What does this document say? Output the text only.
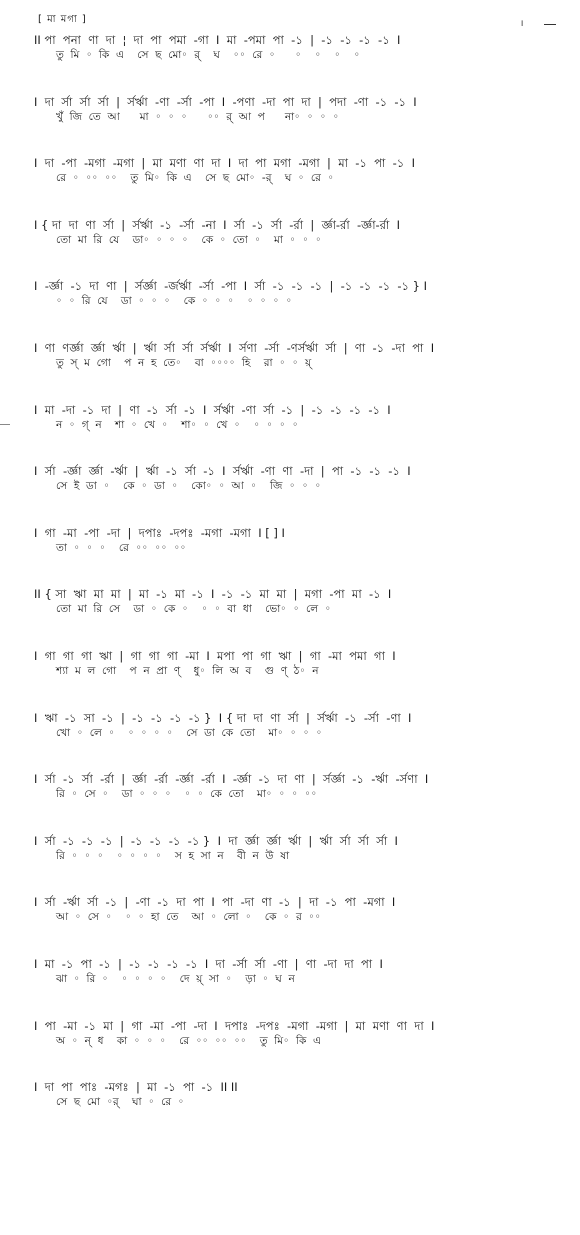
[ মা মগা ]	।
II পা  পনা  ণা  দা  ¦  দা  পা  পমা  -গা  I  মা  -পমা  পা  -১  |  -১  -১  -১  -১  I
তু  মি  ◦  কি  এ    সে  ছ  মো◦  র্    ঘ    ◦◦  রে  ◦      ◦    ◦    ◦    ◦
I  দা  র্সা  র্সা  র্সা  |  র্সর্ঋা  -ণা  -র্সা  -পা  I  -পণা  -দা  পা  দা  |  পদা  -ণা  -১  -১  I
খুঁ  জি  তে  আ      মা  ◦  ◦  ◦      ◦◦  র্  আ  প      না◦  ◦  ◦  ◦
I  দা  -পা  -মগা  -মগা  |  মা  মণা  ণা  দা  I  দা  পা  মগা  -মগা  |  মা  -১  পা  -১  I
রে  ◦  ◦◦  ◦◦    তু  মি◦  কি  এ    সে  ছ  মো◦  -র্    ঘ  ◦  রে  ◦
I { দা  দা  ণা  র্সা  |  র্সর্ঋা  -১  -র্সা  -না  I  র্সা  -১  র্সা  -র্রা  |  র্জ্ঞা-র্রা  -র্জ্ঞা-র্রা  I
তো  মা  রি  যে    ডা◦  ◦  ◦  ◦    কে  ◦  তো  ◦    মা  ◦  ◦  ◦
I  -র্জ্ঞা  -১  দা  ণা  |  র্সর্জ্ঞা  -র্জর্ঋা  -র্সা  -পা  I  র্সা  -১  -১  -১  |  -১  -১  -১  -১ } I
◦  ◦  রি  যে    ডা  ◦  ◦  ◦    কে  ◦  ◦  ◦    ◦  ◦  ◦  ◦
I  ণা  ণর্জ্ঞা  র্জ্ঞা  র্ঋা  |  র্ঋা  র্সা  র্সা  র্সর্ঋা  I  র্সণা  -র্সা  -ণর্সর্ঋা  র্সা  |  ণা  -১  -দা  পা  I
তু  স্  ম  গো    প  ন  হ  তে◦    বা  ◦◦◦◦  হি    রা  ◦  ◦  য়্
I  মা  -দা  -১  দা  |  ণা  -১  র্সা  -১  I  র্সর্ঋা  -ণা  র্সা  -১  |  -১  -১  -১  -১  I
ন  ◦  গ্  ন    শা  ◦  খে  ◦    শা◦  ◦  খে  ◦    ◦  ◦  ◦  ◦
I  র্সা  -র্জ্ঞা  র্জ্ঞা  -র্ঋা  |  র্ঋা  -১  র্সা  -১  I  র্সর্ঋা  -ণা  ণা  -দা  |  পা  -১  -১  -১  I
সে  ই  ডা  ◦    কে  ◦  ডা  ◦    কো◦  ◦  আ  ◦    জি  ◦  ◦  ◦
I  গা  -মা  -পা  -দা  |  দপাঃ  -দপঃ  -মগা  -মগা  I [ ] I
তা  ◦  ◦  ◦    রে  ◦◦  ◦◦  ◦◦
II { সা  ঋা  মা  মা  |  মা  -১  মা  -১  I  -১  -১  মা  মা  |  মগা  -পা  মা  -১  I
তো  মা  রি  সে    ডা  ◦  কে  ◦    ◦  ◦  বা  ধা    ভো◦  ◦  লে  ◦
I  গা  গা  গা  ঋা  |  গা  গা  গা  -মা  I  মপা  পা  গা  ঋা  |  গা  -মা  পমা  গা  I
শ্যা  ম  ল  গো    প  ন  প্রা  ণ্    ধু◦  লি  অ  ব    গু  ণ্  ঠ◦  ন
I  ঋা  -১  সা  -১  |  -১  -১  -১  -১ }  I { দা  দা  ণা  র্সা  |  র্সর্ঋা  -১  -র্সা  -ণা  I
খো  ◦  লে  ◦    ◦  ◦  ◦  ◦    সে  ডা  কে  তো    মা◦  ◦  ◦  ◦
I  র্সা  -১  র্সা  -র্রা  |  র্জ্ঞা  -র্রা  -র্জ্ঞা  -র্রা  I  -র্জ্ঞা  -১  দা  ণা  |  র্সর্জ্ঞা  -১  -র্ঋা  -র্সণা  I
রি  ◦  সে  ◦    ডা  ◦  ◦  ◦    ◦  ◦  কে  তো    মা◦  ◦  ◦  ◦◦
I  র্সা  -১  -১  -১  |  -১  -১  -১  -১ }  I  দা  র্জ্ঞা  র্জ্ঞা  র্ঋা  |  র্ঋা  র্সা  র্সা  র্সা  I
রি  ◦  ◦  ◦    ◦  ◦  ◦  ◦    স  হ  সা  ন    বী  ন  উ  ষা
I  র্সা  -র্ঋা  র্সা  -১  |  -ণা  -১  দা  পা  I  পা  -দা  ণা  -১  |  দা  -১  পা  -মগা  I
আ  ◦  সে  ◦    ◦  ◦  হা  তে    আ  ◦  লো  ◦    কে  ◦  র  ◦◦
I  মা  -১  পা  -১  |  -১  -১  -১  -১  I  দা  -র্সা  র্সা  -ণা  |  ণা  -দা  দা  পা  I
ঝা  ◦  রি  ◦    ◦  ◦  ◦  ◦    দে  য়্  সা  ◦    ড়া  ◦  ঘ  ন
I  পা  -মা  -১  মা  |  গা  -মা  -পা  -দা  I  দপাঃ  -দপঃ  -মগা  -মগা  |  মা  মণা  ণা  দা  I
অ  ◦  ন্  ধ    কা  ◦  ◦  ◦    রে  ◦◦  ◦◦  ◦◦    তু  মি◦  কি  এ
I  দা  পা  পাঃ  -মগঃ  |  মা  -১  পা  -১  II II
সে  ছ  মো  ◦র্    ঘা  ◦  রে  ◦
